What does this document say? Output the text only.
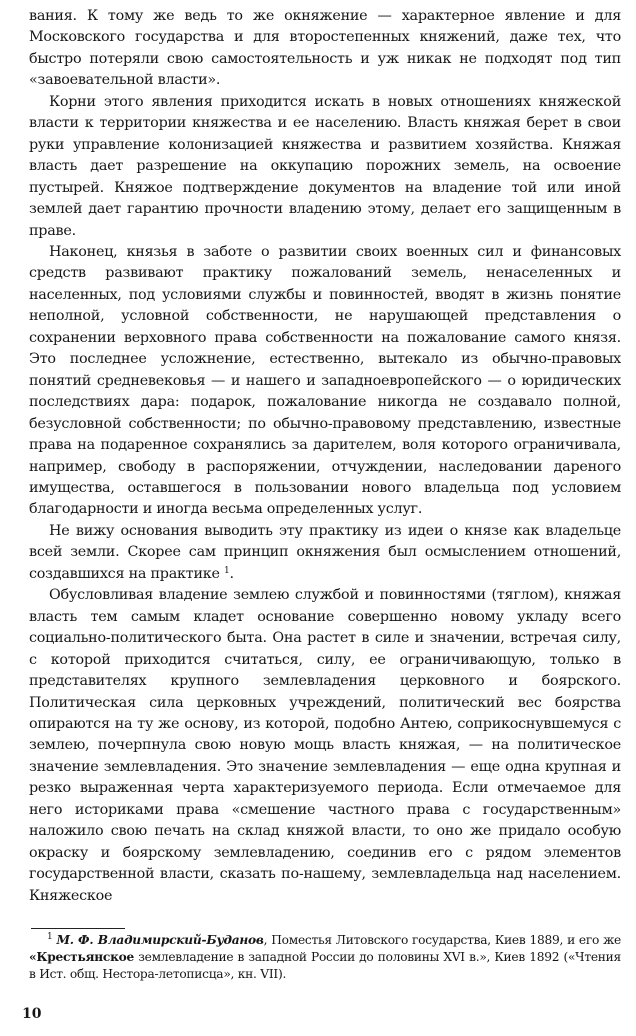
вания. К тому же ведь то же окняжение — характерное явление и для Московского государства и для второстепенных княжений, даже тех, что быстро потеряли свою самостоятельность и уж никак не подходят под тип «завоевательной власти».

Корни этого явления приходится искать в новых отношениях княжеской власти к территории княжества и ее населению. Власть княжая берет в свои руки управление колонизацией княжества и развитием хозяйства. Княжая власть дает разрешение на оккупацию порожних земель, на освоение пустырей. Княжое подтверждение документов на владение той или иной землей дает гарантию прочности владению этому, делает его защищенным в праве.

Наконец, князья в заботе о развитии своих военных сил и финансовых средств развивают практику пожалований земель, ненаселенных и населенных, под условиями службы и повинностей, вводят в жизнь понятие неполной, условной собственности, не нарушающей представления о сохранении верховного права собственности на пожалование самого князя. Это последнее усложнение, естественно, вытекало из обычно-правовых понятий средневековья — и нашего и западноевропейского — о юридических последствиях дара: подарок, пожалование никогда не создавало полной, безусловной собственности; по обычно-правовому представлению, известные права на подаренное сохранялись за дарителем, воля которого ограничивала, например, свободу в распоряжении, отчуждении, наследовании дареного имущества, оставшегося в пользовании нового владельца под условием благодарности и иногда весьма определенных услуг.

Не вижу основания выводить эту практику из идеи о князе как владельце всей земли. Скорее сам принцип окняжения был осмыслением отношений, создавшихся на практике $^1$.

Обусловливая владение землею службой и повинностями (тяглом), княжая власть тем самым кладет основание совершенно новому укладу всего социально-политического быта. Она растет в силе и значении, встречая силу, с которой приходится считаться, силу, ее ограничивающую, только в представителях крупного землевладения церковного и боярского. Политическая сила церковных учреждений, политический вес боярства опираются на ту же основу, из которой, подобно Антею, соприкоснувшемуся с землею, почерпнула свою новую мощь власть княжая, — на политическое значение землевладения. Это значение землевладения — еще одна крупная и резко выраженная черта характеризуемого периода. Если отмечаемое для него историками права «смешение частного права с государственным» наложило свою печать на склад княжой власти, то оно же придало особую окраску и боярскому землевладению, соединив его с рядом элементов государственной власти, сказать по-нашему, землевладельца над населением. Княжеское

$^1$ М. Ф. Владимирский-Буданов, Поместья Литовского государства, Киев 1889, и его же «Крестьянское землевладение в западной России до половины XVI в.», Киев 1892 («Чтения в Ист. общ. Нестора-летописца», кн. VII).

10
